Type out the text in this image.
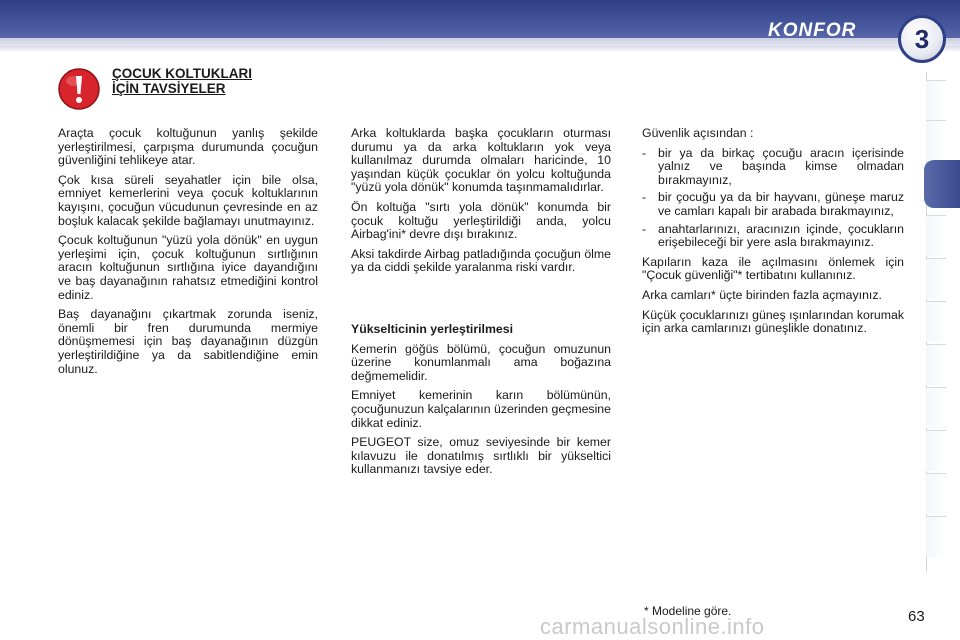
KONFOR 3
ÇOCUK KOLTUKLARI
İÇİN TAVSİYELER

Araçta çocuk koltuğunun yanlış şekilde yerleştirilmesi, çarpışma durumunda çocuğun güvenliğini tehlikeye atar.

Çok kısa süreli seyahatler için bile olsa, emniyet kemerlerini veya çocuk koltuklarının kayışını, çocuğun vücudunun çevresinde en az boşluk kalacak şekilde bağlamayı unutmayınız.

Çocuk koltuğunun "yüzü yola dönük" en uygun yerleşimi için, çocuk koltuğunun sırtlığının aracın koltuğunun sırtlığına iyice dayandığını ve baş dayanağının rahatsız etmediğini kontrol ediniz.

Baş dayanağını çıkartmak zorunda iseniz, önemli bir fren durumunda mermiye dönüşmemesi için baş dayanağının düzgün yerleştirildiğine ya da sabitlendiğine emin olunuz.

Arka koltuklarda başka çocukların oturması durumu ya da arka koltukların yok veya kullanılmaz durumda olmaları haricinde, 10 yaşından küçük çocuklar ön yolcu koltuğunda "yüzü yola dönük" konumda taşınmamalıdırlar.

Ön koltuğa "sırtı yola dönük" konumda bir çocuk koltuğu yerleştirildiği anda, yolcu Airbag'ini* devre dışı bırakınız.

Aksi takdirde Airbag patladığında çocuğun ölme ya da ciddi şekilde yaralanma riski vardır.

Yükselticinin yerleştirilmesi

Kemerin göğüs bölümü, çocuğun omuzunun üzerine konumlanmalı ama boğazına değmemelidir.

Emniyet kemerinin karın bölümünün, çocuğunuzun kalçalarının üzerinden geçmesine dikkat ediniz.

PEUGEOT size, omuz seviyesinde bir kemer kılavuzu ile donatılmış sırtlıklı bir yükseltici kullanmanızı tavsiye eder.

Güvenlik açısından :

- bir ya da birkaç çocuğu aracın içerisinde yalnız ve başında kimse olmadan bırakmayınız,
- bir çocuğu ya da bir hayvanı, güneşe maruz ve camları kapalı bir arabada bırakmayınız,
- anahtarlarınızı, aracınızın içinde, çocukların erişebileceği bir yere asla bırakmayınız.

Kapıların kaza ile açılmasını önlemek için "Çocuk güvenliği"* tertibatını kullanınız.

Arka camları* üçte birinden fazla açmayınız.

Küçük çocuklarınızı güneş ışınlarından korumak için arka camlarınızı güneşlikle donatınız.

carmanualsonline.info
* Modeline göre.	63
